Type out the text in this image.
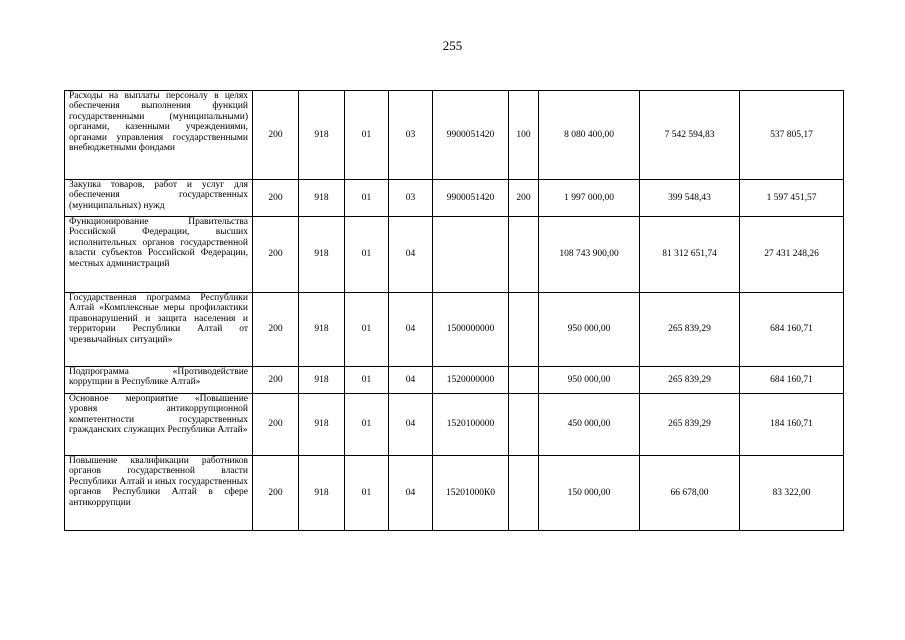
255
Расходы на выплаты персоналу в целях обеспечения выполнения функций государственными (муниципальными) органами, казенными учреждениями, органами управления государственными внебюджетными фондами	200	918	01	03	9900051420	100	8 080 400,00	7 542 594,83	537 805,17
Закупка товаров, работ и услуг для обеспечения государственных (муниципальных) нужд	200	918	01	03	9900051420	200	1 997 000,00	399 548,43	1 597 451,57
Функционирование Правительства Российской Федерации, высших исполнительных органов государственной власти субъектов Российской Федерации, местных администраций	200	918	01	04			108 743 900,00	81 312 651,74	27 431 248,26
Государственная программа Республики Алтай «Комплексные меры профилактики правонарушений и защита населения и территории Республики Алтай от чрезвычайных ситуаций»	200	918	01	04	1500000000		950 000,00	265 839,29	684 160,71
Подпрограмма «Противодействие коррупции в Республике Алтай»	200	918	01	04	1520000000		950 000,00	265 839,29	684 160,71
Основное мероприятие «Повышение уровня антикоррупционной компетентности государственных гражданских служащих Республики Алтай»	200	918	01	04	1520100000		450 000,00	265 839,29	184 160,71
Повышение квалификации работников органов государственной власти Республики Алтай и иных государственных органов Республики Алтай в сфере антикоррупции	200	918	01	04	15201000К0		150 000,00	66 678,00	83 322,00
